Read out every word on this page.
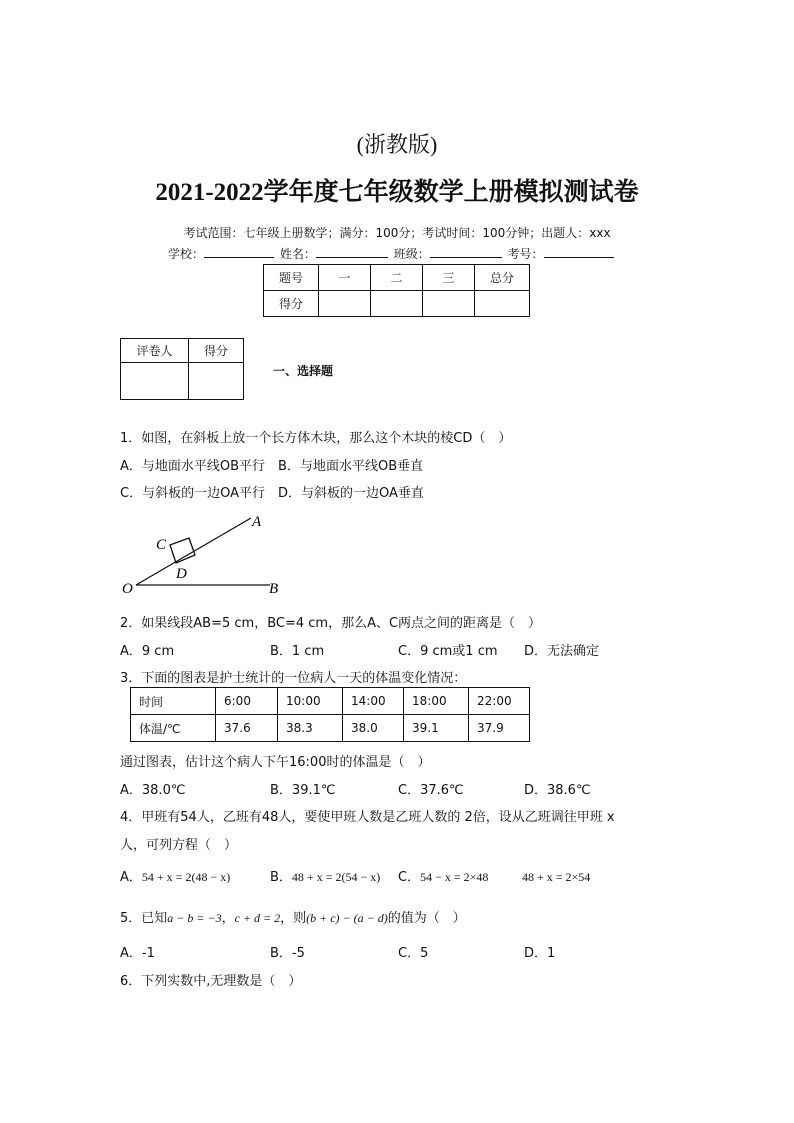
(浙教版)
2021-2022学年度七年级数学上册模拟测试卷
考试范围：七年级上册数学；满分：100分；考试时间：100分钟；出题人：xxx
学校：	姓名：	班级：	考号：
题号	一	二	三	总分
得分				
评卷人	得分

一、选择题
1．如图，在斜板上放一个长方体木块，那么这个木块的棱CD（　）
A．与地面水平线OB平行　B．与地面水平线OB垂直
C．与斜板的一边OA平行　D．与斜板的一边OA垂直
A
B
C
D
O
2．如果线段AB=5 cm，BC=4 cm，那么A、C两点之间的距离是（　）
A．9 cm	B．1 cm	C．9 cm或1 cm D．无法确定
3．下面的图表是护士统计的一位病人一天的体温变化情况：
时间	6:00	10:00	14:00	18:00	22:00
体温/℃	37.6	38.3	38.0	39.1	37.9
通过图表，估计这个病人下午16:00时的体温是（　）
A．38.0℃	B．39.1℃	C．37.6℃	D．38.6℃
4．甲班有54人，乙班有48人，要使甲班人数是乙班人数的 2倍，设从乙班调往甲班 x
人，可列方程（　）
A．54 + x = 2(48 − x)	B．48 + x = 2(54 − x) C．54 − x = 2×48	48 + x = 2×54
5．已知a − b = −3，c + d = 2，则(b + c) − (a − d)的值为（　）
A．-1	B．-5	C．5	D．1
6．下列实数中,无理数是（　）
